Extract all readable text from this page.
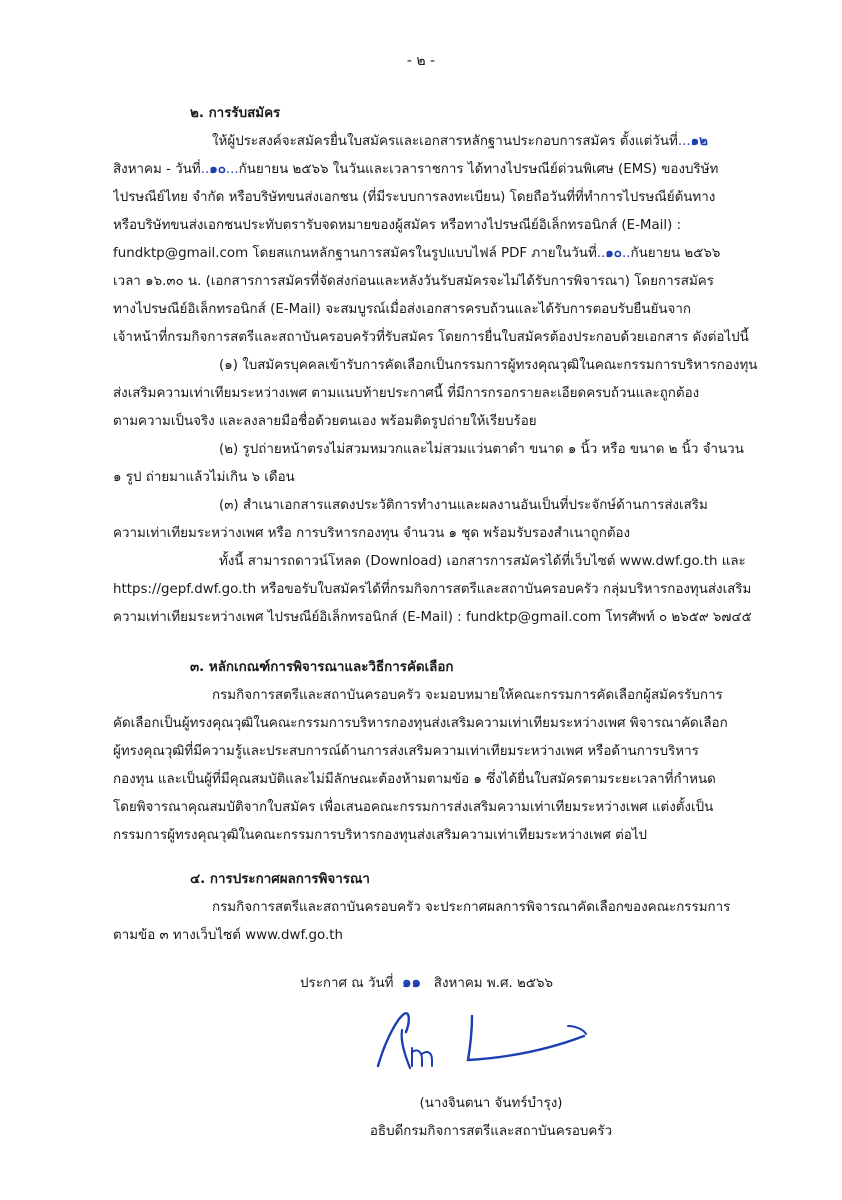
- ๒ -
๒. การรับสมัคร
ให้ผู้ประสงค์จะสมัครยื่นใบสมัครและเอกสารหลักฐานประกอบการสมัคร ตั้งแต่วันที่...๑๒
สิงหาคม - วันที่..๑๐...กันยายน ๒๕๖๖ ในวันและเวลาราชการ ได้ทางไปรษณีย์ด่วนพิเศษ (EMS) ของบริษัท
ไปรษณีย์ไทย จำกัด หรือบริษัทขนส่งเอกชน (ที่มีระบบการลงทะเบียน) โดยถือวันที่ที่ทำการไปรษณีย์ต้นทาง
หรือบริษัทขนส่งเอกชนประทับตรารับจดหมายของผู้สมัคร หรือทางไปรษณีย์อิเล็กทรอนิกส์ (E-Mail) :
fundktp@gmail.com โดยสแกนหลักฐานการสมัครในรูปแบบไฟล์ PDF ภายในวันที่..๑๐..กันยายน ๒๕๖๖
เวลา ๑๖.๓๐ น. (เอกสารการสมัครที่จัดส่งก่อนและหลังวันรับสมัครจะไม่ได้รับการพิจารณา) โดยการสมัคร
ทางไปรษณีย์อิเล็กทรอนิกส์ (E-Mail) จะสมบูรณ์เมื่อส่งเอกสารครบถ้วนและได้รับการตอบรับยืนยันจาก
เจ้าหน้าที่กรมกิจการสตรีและสถาบันครอบครัวที่รับสมัคร โดยการยื่นใบสมัครต้องประกอบด้วยเอกสาร ดังต่อไปนี้
(๑) ใบสมัครบุคคลเข้ารับการคัดเลือกเป็นกรรมการผู้ทรงคุณวุฒิในคณะกรรมการบริหารกองทุน
ส่งเสริมความเท่าเทียมระหว่างเพศ ตามแนบท้ายประกาศนี้ ที่มีการกรอกรายละเอียดครบถ้วนและถูกต้อง
ตามความเป็นจริง และลงลายมือชื่อด้วยตนเอง พร้อมติดรูปถ่ายให้เรียบร้อย
(๒) รูปถ่ายหน้าตรงไม่สวมหมวกและไม่สวมแว่นตาดำ ขนาด ๑ นิ้ว หรือ ขนาด ๒ นิ้ว จำนวน
๑ รูป ถ่ายมาแล้วไม่เกิน ๖ เดือน
(๓) สำเนาเอกสารแสดงประวัติการทำงานและผลงานอันเป็นที่ประจักษ์ด้านการส่งเสริม
ความเท่าเทียมระหว่างเพศ หรือ การบริหารกองทุน จำนวน ๑ ชุด พร้อมรับรองสำเนาถูกต้อง
ทั้งนี้ สามารถดาวน์โหลด (Download) เอกสารการสมัครได้ที่เว็บไซต์ www.dwf.go.th และ
https://gepf.dwf.go.th หรือขอรับใบสมัครได้ที่กรมกิจการสตรีและสถาบันครอบครัว กลุ่มบริหารกองทุนส่งเสริม
ความเท่าเทียมระหว่างเพศ ไปรษณีย์อิเล็กทรอนิกส์ (E-Mail) : fundktp@gmail.com โทรศัพท์ ๐ ๒๖๕๙ ๖๗๔๕
๓. หลักเกณฑ์การพิจารณาและวิธีการคัดเลือก
กรมกิจการสตรีและสถาบันครอบครัว จะมอบหมายให้คณะกรรมการคัดเลือกผู้สมัครรับการ
คัดเลือกเป็นผู้ทรงคุณวุฒิในคณะกรรมการบริหารกองทุนส่งเสริมความเท่าเทียมระหว่างเพศ พิจารณาคัดเลือก
ผู้ทรงคุณวุฒิที่มีความรู้และประสบการณ์ด้านการส่งเสริมความเท่าเทียมระหว่างเพศ หรือด้านการบริหาร
กองทุน และเป็นผู้ที่มีคุณสมบัติและไม่มีลักษณะต้องห้ามตามข้อ ๑ ซึ่งได้ยื่นใบสมัครตามระยะเวลาที่กำหนด
โดยพิจารณาคุณสมบัติจากใบสมัคร เพื่อเสนอคณะกรรมการส่งเสริมความเท่าเทียมระหว่างเพศ แต่งตั้งเป็น
กรรมการผู้ทรงคุณวุฒิในคณะกรรมการบริหารกองทุนส่งเสริมความเท่าเทียมระหว่างเพศ ต่อไป
๔. การประกาศผลการพิจารณา
กรมกิจการสตรีและสถาบันครอบครัว จะประกาศผลการพิจารณาคัดเลือกของคณะกรรมการ
ตามข้อ ๓ ทางเว็บไซต์ www.dwf.go.th
ประกาศ ณ วันที่ ๑๑ สิงหาคม พ.ศ. ๒๕๖๖
(นางจินตนา จันทร์บำรุง)
อธิบดีกรมกิจการสตรีและสถาบันครอบครัว
